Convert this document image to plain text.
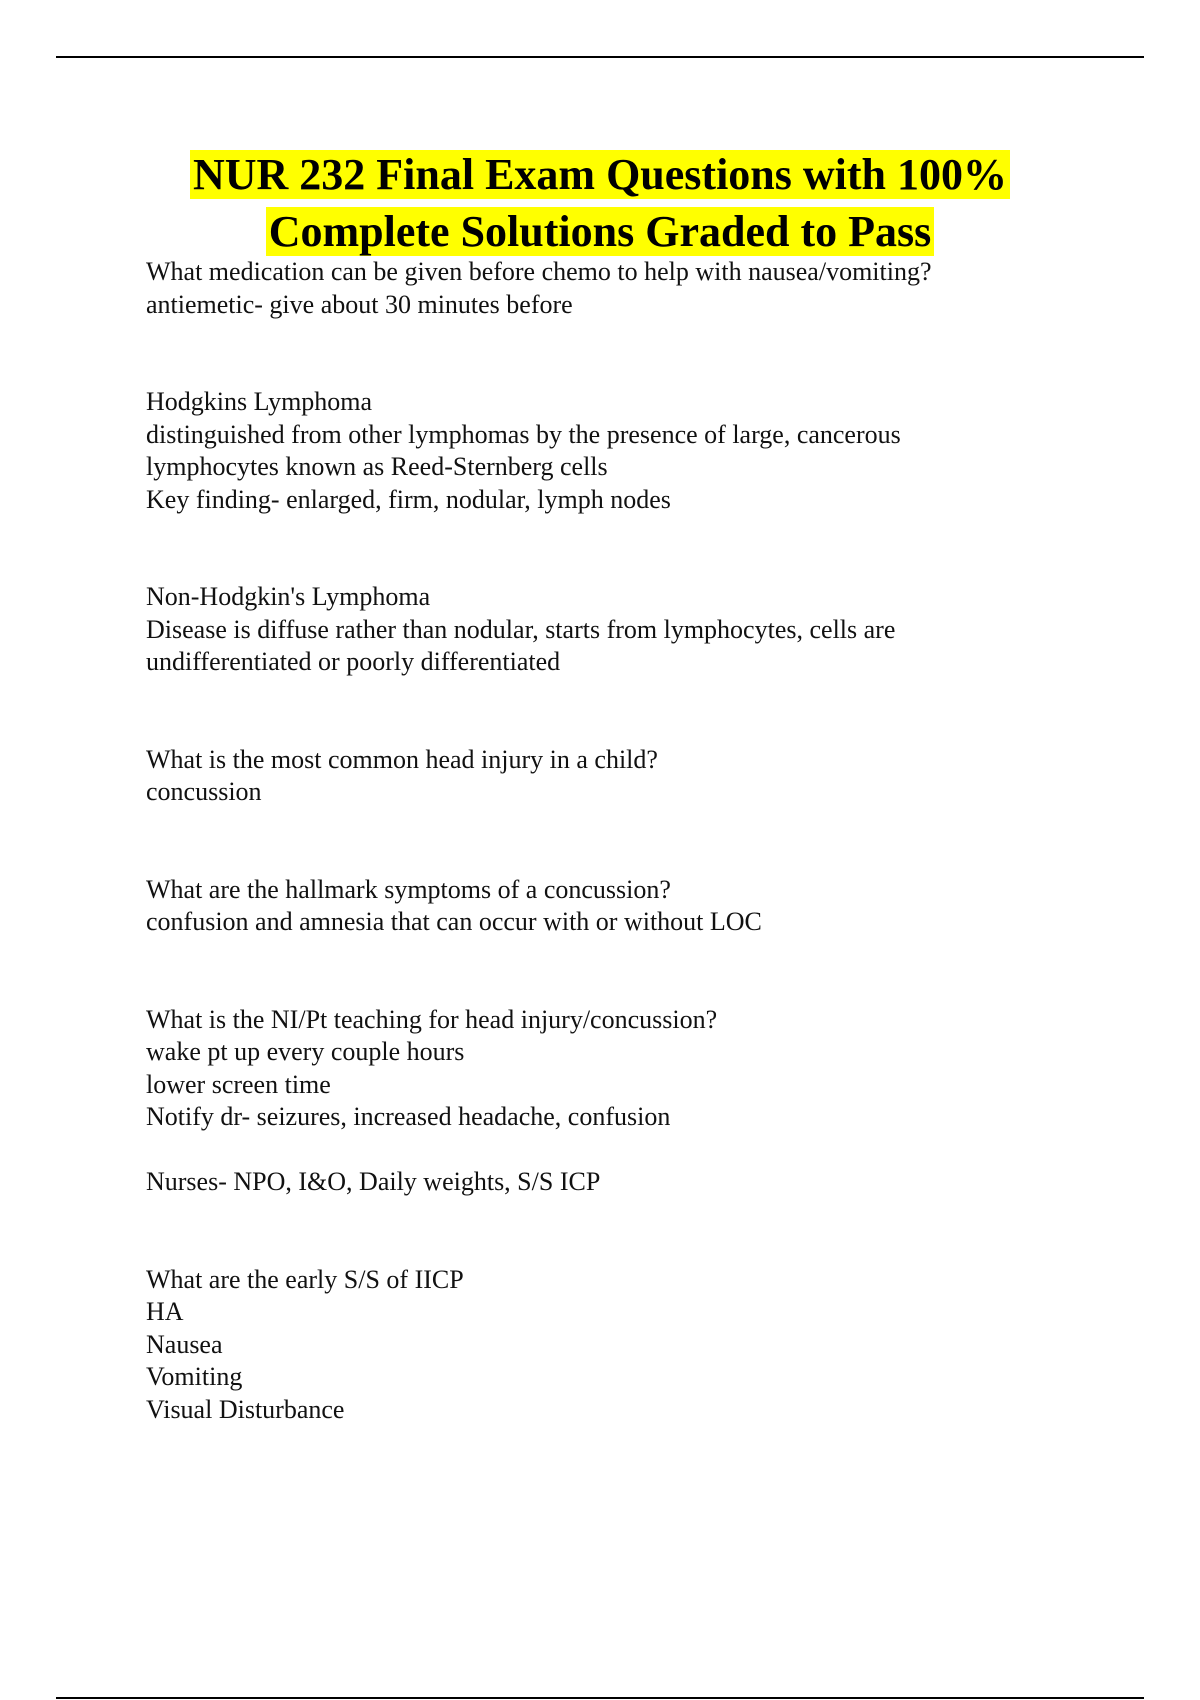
NUR 232 Final Exam Questions with 100%
Complete Solutions Graded to Pass
What medication can be given before chemo to help with nausea/vomiting?
antiemetic- give about 30 minutes before
Hodgkins Lymphoma
distinguished from other lymphomas by the presence of large, cancerous
lymphocytes known as Reed-Sternberg cells
Key finding- enlarged, firm, nodular, lymph nodes
Non-Hodgkin's Lymphoma
Disease is diffuse rather than nodular, starts from lymphocytes, cells are
undifferentiated or poorly differentiated
What is the most common head injury in a child?
concussion
What are the hallmark symptoms of a concussion?
confusion and amnesia that can occur with or without LOC
What is the NI/Pt teaching for head injury/concussion?
wake pt up every couple hours
lower screen time
Notify dr- seizures, increased headache, confusion
Nurses- NPO, I&O, Daily weights, S/S ICP
What are the early S/S of IICP
HA
Nausea
Vomiting
Visual Disturbance
